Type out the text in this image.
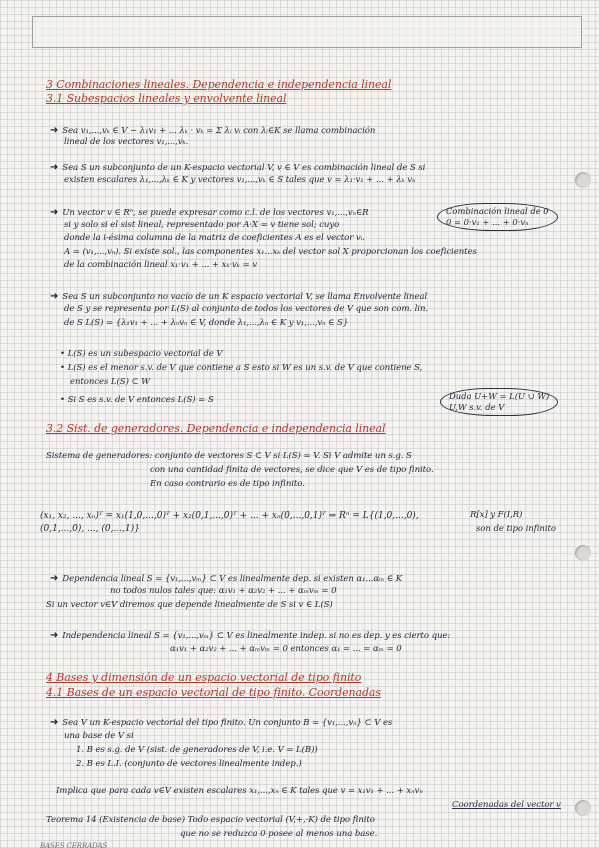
3 Combinaciones lineales. Dependencia e independencia lineal
3.1 Subespacios lineales y envolvente lineal
➜ Sea v₁,...,vₖ ∈ V − λ₁v₁ + ... λₖ · vₖ = Σ λᵢ vᵢ con λᵢ∈K se llama combinación
lineal de los vectores v₁,...,vₖ.
➜ Sea S un subconjunto de un K-espacio vectorial V, v ∈ V es combinación lineal de S si
existen escalares λ₁,...,λₖ ∈ K y vectores v₁,...,vₖ ∈ S tales que v = λ₁·v₁ + ... + λₖ vₙ
➜ Un vector v ∈ Rⁿ, se puede expresar como c.l. de los vectores v₁,...,vₙ∈R
si y solo si el sist lineal, representado por A·X = v tiene sol; cuyo
donde la i-ésima columna de la matriz de coeficientes A es el vector vᵢ.
A = (v₁,...,vₙ). Si existe sol., las componentes x₁...xₖ del vector sol X proporcionan los coeficientes
de la combinación lineal x₁·v₁ + ... + xₖ·vₖ = v
Combinación lineal de 0
0 = 0·v₁ + ... + 0·vₙ
➜ Sea S un subconjunto no vacío de un K espacio vectorial V, se llama Envolvente lineal
de S y se representa por L(S) al conjunto de todos los vectores de V que son com. lin.
de S L(S) = {λ₁v₁ + ... + λₙvₙ ∈ V, donde λ₁,...,λₙ ∈ K y v₁,...,vₙ ∈ S}
• L(S) es un subespacio vectorial de V
• L(S) es el menor s.v. de V que contiene a S esto si W es un s.v. de V que contiene S,
entonces L(S) ⊂ W
• Si S es s.v. de V entonces L(S) = S	Duda U+W = L(U ∪ W)
U,W s.v. de V
3.2 Sist. de generadores. Dependencia e independencia lineal
Sistema de generadores: conjunto de vectores S ⊂ V si L(S) = V. Si V admite un s.g. S
con una cantidad finita de vectores, se dice que V es de tipo finito.
En caso contrario es de tipo infinito.
(x₁, x₂, ..., xₙ)ᵀ = x₁(1,0,...,0)ᵀ + x₂(0,1,...,0)ᵀ + ... + xₙ(0,...,0,1)ᵀ ⇒ Rⁿ = L{(1,0,...,0), (0,1,...,0), ..., (0,...,1)}
R[x] y F(I,R)
son de tipo infinito
➜ Dependencia lineal S = {v₁,...,vₘ} ⊂ V es linealmente dep. si existen α₁...αₘ ∈ K
no todos nulos tales que: α₁v₁ + α₂v₂ + ... + αₘvₘ = 0
Si un vector v∈V diremos que depende linealmente de S si v ∈ L(S)
➜ Independencia lineal S = {v₁,...,vₘ} ⊂ V es linealmente indep. si no es dep. y es cierto que:
α₁v₁ + α₂v₂ + ... + αₘvₘ = 0 entonces α₁ = ... = αₘ = 0
4 Bases y dimensión de un espacio vectorial de tipo finito
4.1 Bases de un espacio vectorial de tipo finito. Coordenadas
➜ Sea V un K-espacio vectorial del tipo finito. Un conjunto B = {v₁,...,vₙ} ⊂ V es
una base de V si
1. B es s.g. de V (sist. de generadores de V, i.e. V = L(B))
2. B es L.I. (conjunto de vectores linealmente indep.)
Implica que para cada v∈V existen escalares x₁,...,xₙ ∈ K tales que v = x₁v₁ + ... + xₙvₙ
Coordenadas del vector v
Teorema 14 (Existencia de base) Todo espacio vectorial (V,+,·K) de tipo finito
que no se reduzca 0 posee al menos una base.
BASES CERRADAS
